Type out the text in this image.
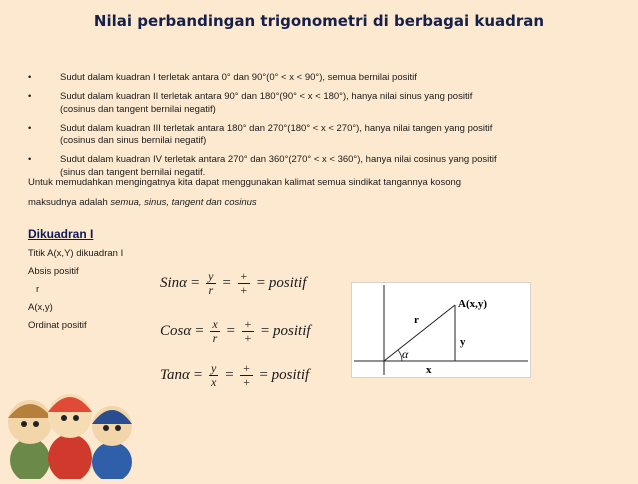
Nilai perbandingan trigonometri di berbagai kuadran
•	Sudut dalam kuadran I terletak antara 0° dan 90°(0° < x < 90°), semua bernilai positif
•	Sudut dalam kuadran II terletak antara 90° dan 180°(90° < x < 180°), hanya nilai sinus yang positif
(cosinus dan tangent bernilai negatif)
•	Sudut dalam kuadran III terletak antara 180° dan 270°(180° < x < 270°), hanya nilai tangen yang positif
(cosinus dan sinus bernilai negatif)
•	Sudut dalam kuadran IV terletak antara 270° dan 360°(270° < x < 360°), hanya nilai cosinus yang positif
(sinus dan tangent bernilai negatif.
Untuk memudahkan mengingatnya kita dapat menggunakan kalimat semua sindikat tangannya kosong
maksudnya adalah semua, sinus, tangent dan cosinus
Dikuadran I
Titik A(x,Y) dikuadran I
Absis positif
r
A(x,y)
Ordinat positif
$Sin\alpha = \frac{y}{r} = \frac{+}{+}$ = positif
$Cos\alpha = \frac{x}{r} = \frac{+}{+}$ = positif
$Tan\alpha = \frac{y}{x} = \frac{+}{+}$ = positif
A(x,y)
r
y
x
α
